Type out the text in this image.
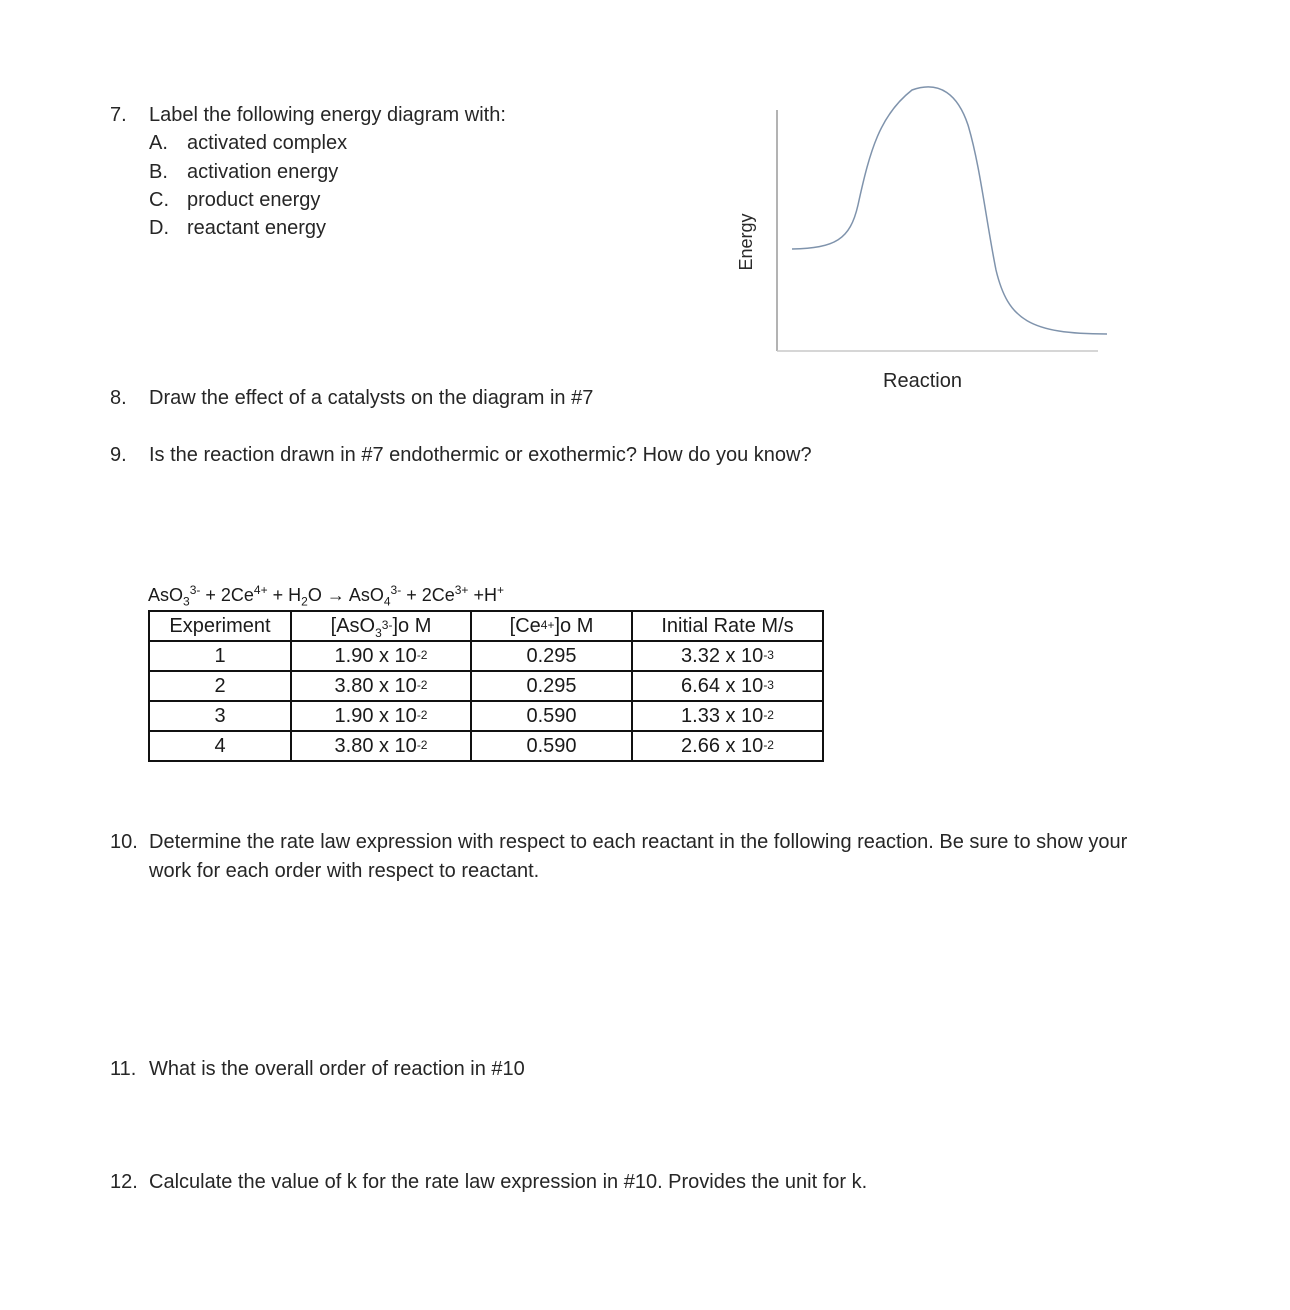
7. Label the following energy diagram with:
A. activated complex
B. activation energy
C. product energy
D. reactant energy	Energy
Reaction
8. Draw the effect of a catalysts on the diagram in #7
9. Is the reaction drawn in #7 endothermic or exothermic? How do you know?
$AsO_3^{3-} + 2Ce^{4+} + H_2O \to AsO_4^{3-} + 2Ce^{3+} +H^+$
Experiment	[AsO$_3^{3-}$]o M	$[Ce^{4+}]o$ M	Initial Rate M/s
1	1.90 x $10^{-2}$	0.295	3.32 x $10^{-3}$
2	3.80 x $10^{-2}$	0.295	6.64 x $10^{-3}$
3	1.90 x $10^{-2}$	0.590	1.33 x $10^{-2}$
4	3.80 x $10^{-2}$	0.590	2.66 x $10^{-2}$
10. Determine the rate law expression with respect to each reactant in the following reaction. Be sure to show your
work for each order with respect to reactant.
11. What is the overall order of reaction in #10
12. Calculate the value of k for the rate law expression in #10. Provides the unit for k.
